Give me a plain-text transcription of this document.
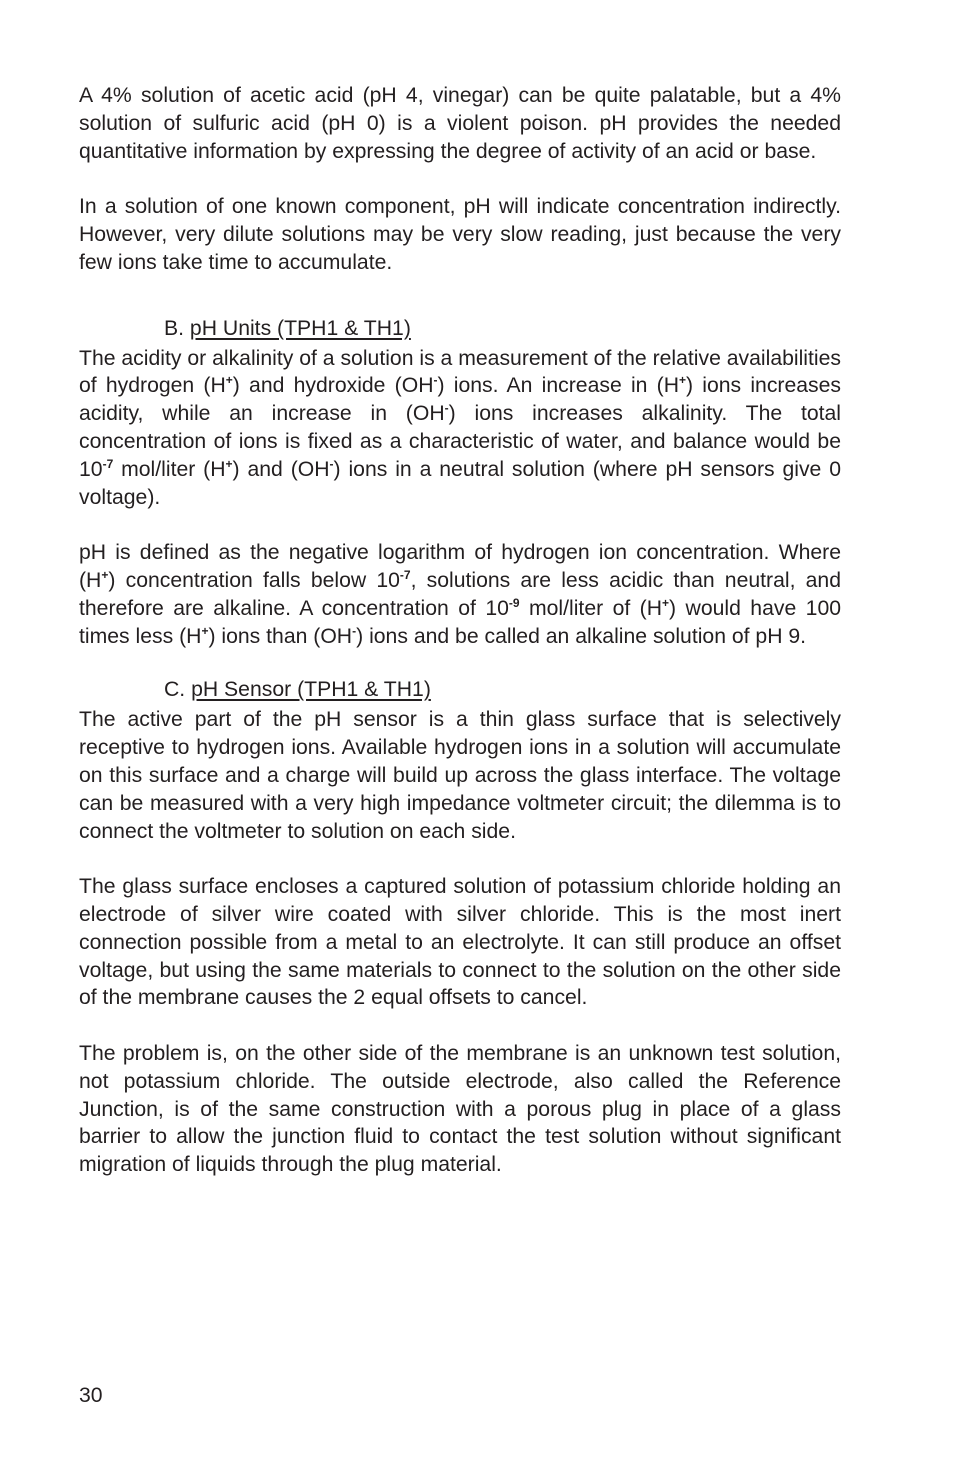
A 4% solution of acetic acid (pH 4, vinegar) can be quite palatable, but a 4% solution of sulfuric acid (pH 0) is a violent poison. pH provides the needed quantitative information by expressing the degree of activity of an acid or base.

In a solution of one known component, pH will indicate concentration indirectly. However, very dilute solutions may be very slow reading, just because the very few ions take time to accumulate.

B. pH Units (TPH1 & TH1)

The acidity or alkalinity of a solution is a measurement of the relative availabilities of hydrogen (H+) and hydroxide (OH-) ions. An increase in (H+) ions increases acidity, while an increase in (OH-) ions increases alkalinity. The total concentration of ions is fixed as a characteristic of water, and balance would be $10^{-7}$ mol/liter (H+) and (OH-) ions in a neutral solution (where pH sensors give 0 voltage).

pH is defined as the negative logarithm of hydrogen ion concentration. Where (H+) concentration falls below $10^{-7}$, solutions are less acidic than neutral, and therefore are alkaline. A concentration of $10^{-9}$ mol/liter of (H+) would have 100 times less (H+) ions than (OH-) ions and be called an alkaline solution of pH 9.

C. pH Sensor (TPH1 & TH1)

The active part of the pH sensor is a thin glass surface that is selectively receptive to hydrogen ions. Available hydrogen ions in a solution will accumulate on this surface and a charge will build up across the glass interface. The voltage can be measured with a very high impedance voltmeter circuit; the dilemma is to connect the voltmeter to solution on each side.

The glass surface encloses a captured solution of potassium chloride holding an electrode of silver wire coated with silver chloride. This is the most inert connection possible from a metal to an electrolyte. It can still produce an offset voltage, but using the same materials to connect to the solution on the other side of the membrane causes the 2 equal offsets to cancel.

The problem is, on the other side of the membrane is an unknown test solution, not potassium chloride. The outside electrode, also called the Reference Junction, is of the same construction with a porous plug in place of a glass barrier to allow the junction fluid to contact the test solution without significant migration of liquids through the plug material.

30
